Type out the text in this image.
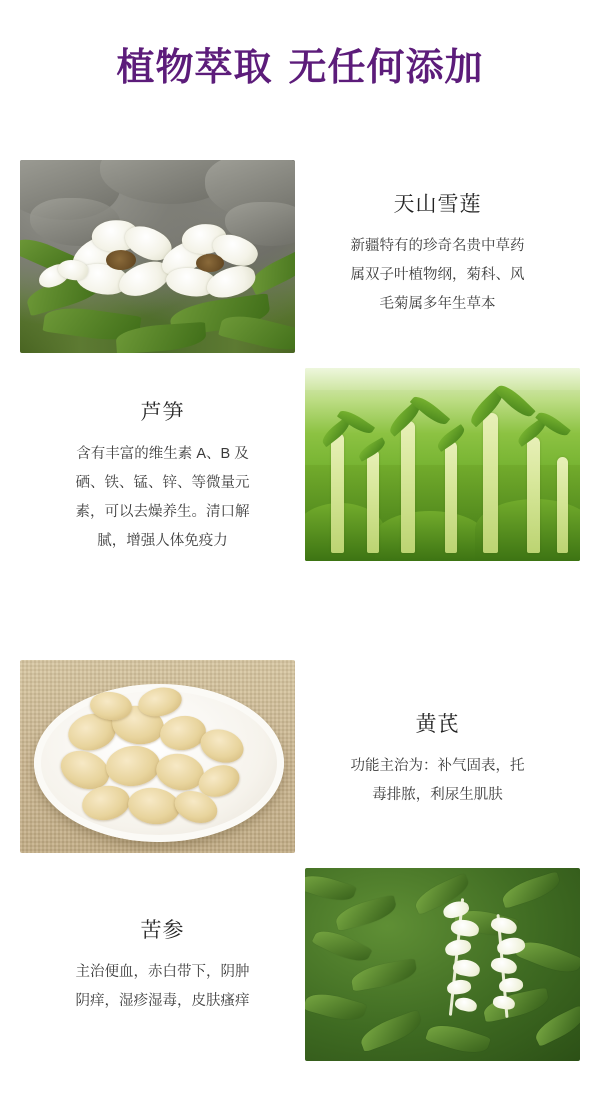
植物萃取 无任何添加
天山雪莲
新疆特有的珍奇名贵中草药
属双子叶植物纲，菊科、风
毛菊属多年生草本
芦笋
含有丰富的维生素 A、B 及
硒、铁、锰、锌、等微量元
素，可以去燥养生。清口解
腻，增强人体免疫力
黄芪
功能主治为：补气固表，托
毒排脓，利尿生肌肤
苦参
主治便血，赤白带下，阴肿
阴痒，湿疹湿毒，皮肤瘙痒
